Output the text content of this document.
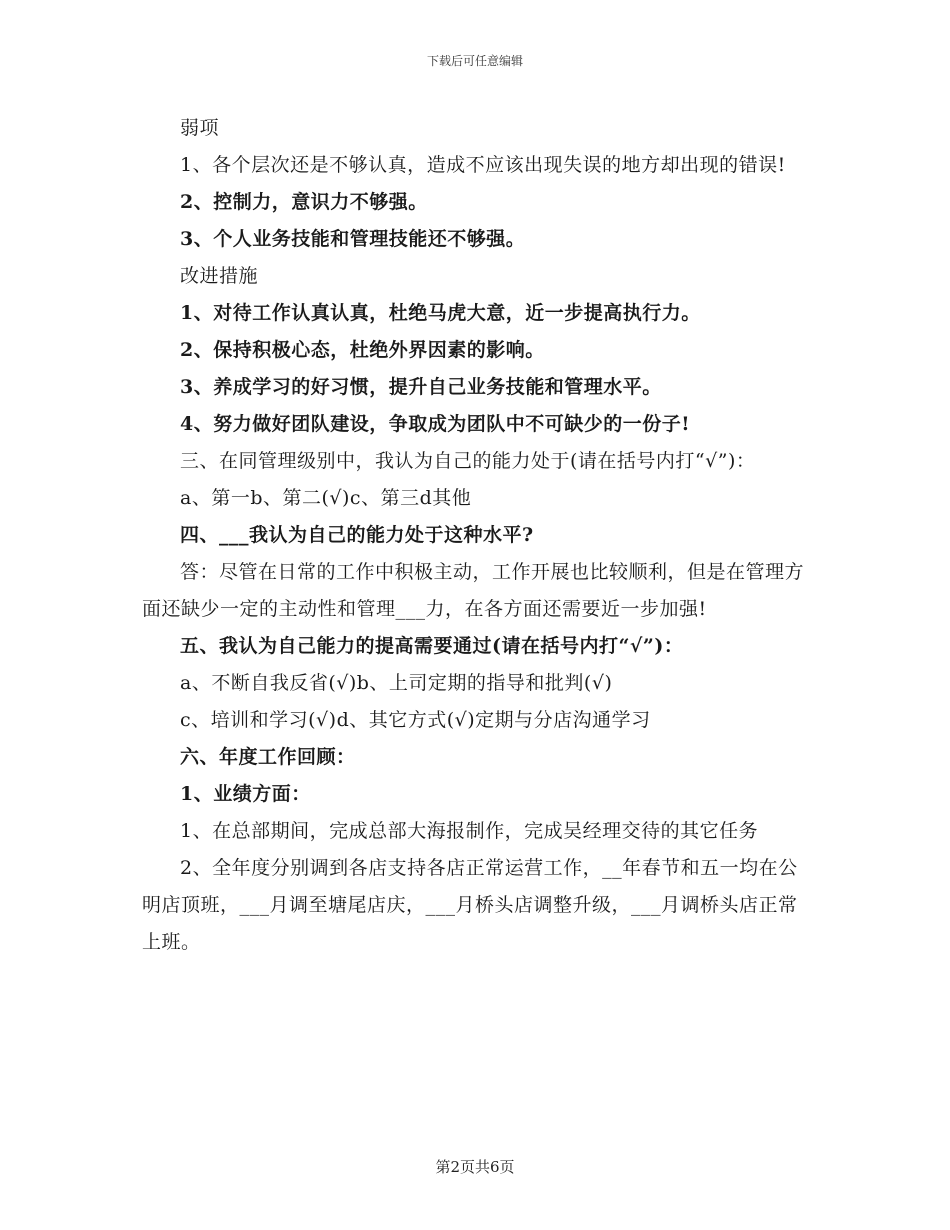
下载后可任意编辑

弱项

1、各个层次还是不够认真，造成不应该出现失误的地方却出现的错误!

2、控制力，意识力不够强。

3、个人业务技能和管理技能还不够强。

改进措施

1、对待工作认真认真，杜绝马虎大意，近一步提高执行力。

2、保持积极心态，杜绝外界因素的影响。

3、养成学习的好习惯，提升自己业务技能和管理水平。

4、努力做好团队建设，争取成为团队中不可缺少的一份子!

三、在同管理级别中，我认为自己的能力处于(请在括号内打“√”)：

a、第一b、第二(√)c、第三d其他

四、___我认为自己的能力处于这种水平?

答：尽管在日常的工作中积极主动，工作开展也比较顺利，但是在管理方面还缺少一定的主动性和管理___力，在各方面还需要近一步加强!

五、我认为自己能力的提高需要通过(请在括号内打“√”)：

a、不断自我反省(√)b、上司定期的指导和批判(√)

c、培训和学习(√)d、其它方式(√)定期与分店沟通学习

六、年度工作回顾：

1、业绩方面：

1、在总部期间，完成总部大海报制作，完成吴经理交待的其它任务

2、全年度分别调到各店支持各店正常运营工作，__年春节和五一均在公明店顶班，___月调至塘尾店庆，___月桥头店调整升级，___月调桥头店正常上班。

第2页共6页
